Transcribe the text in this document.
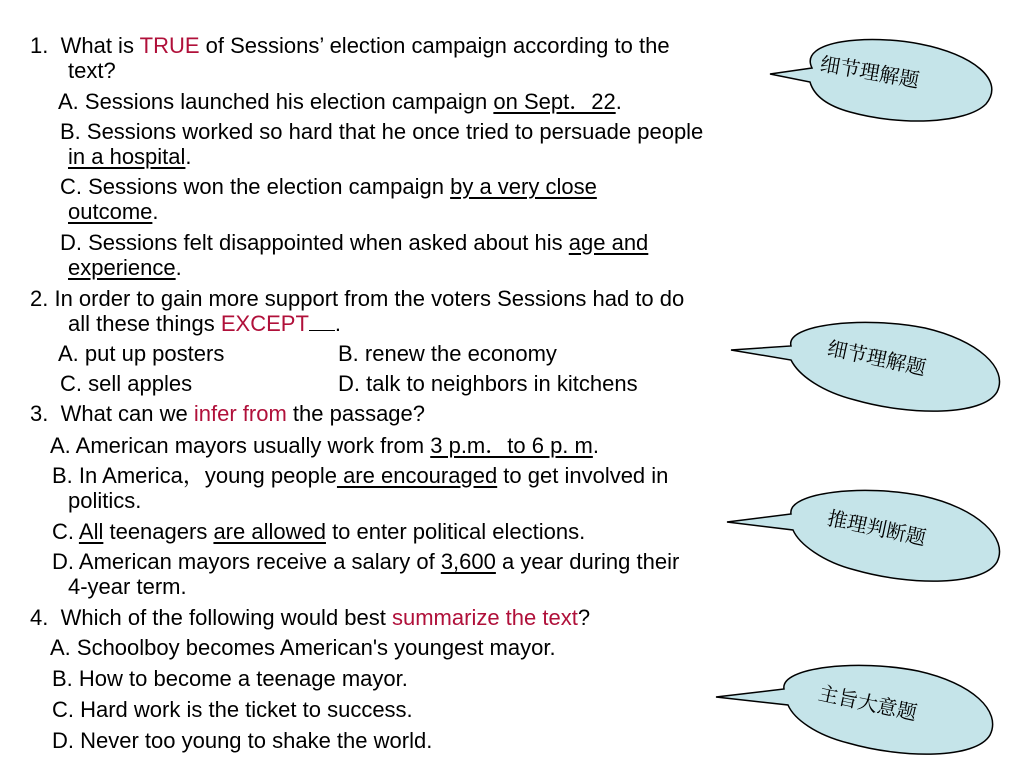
1. What is TRUE of Sessions’ election campaign according to the
text?
A. Sessions launched his election campaign on Sept．22.
B. Sessions worked so hard that he once tried to persuade people
in a hospital.
C. Sessions won the election campaign by a very close
outcome.
D. Sessions felt disappointed when asked about his age and
experience.
2. In order to gain more support from the voters Sessions had to do
all these things EXCEPT .
A. put up posters	B. renew the economy
C. sell apples	D. talk to neighbors in kitchens
3. What can we infer from the passage?
A. American mayors usually work from 3 p.m．to 6 p. m.
B. In America，young people are encouraged to get involved in
politics.
C. All teenagers are allowed to enter political elections.
D. American mayors receive a salary of 3,600 a year during their
4-year term.
4. Which of the following would best summarize the text?
A. Schoolboy becomes American's youngest mayor.
B. How to become a teenage mayor.
C. Hard work is the ticket to success.
D. Never too young to shake the world.
细节理解题
细节理解题
推理判断题
主旨大意题
